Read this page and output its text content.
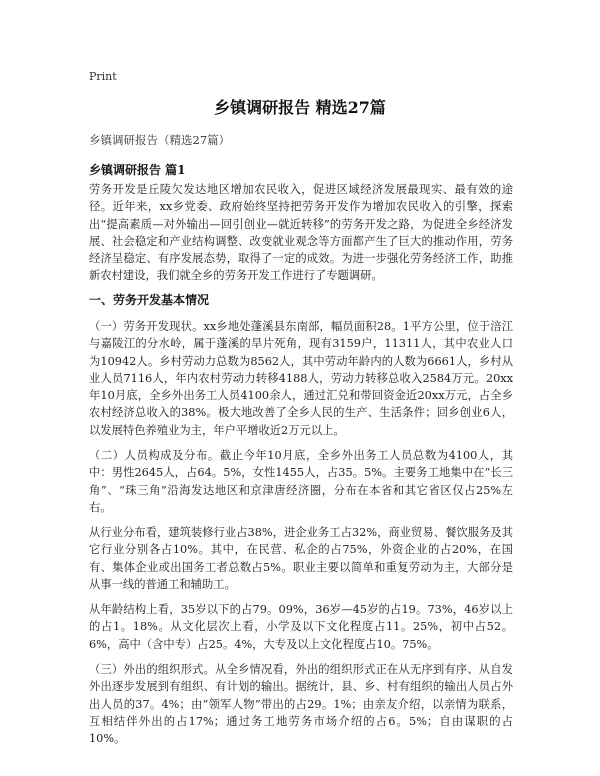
Print
乡镇调研报告 精选27篇
乡镇调研报告（精选27篇）
乡镇调研报告 篇1

劳务开发是丘陵欠发达地区增加农民收入，促进区域经济发展最现实、最有效的途径。近年来，xx乡党委、政府始终坚持把劳务开发作为增加农民收入的引擎，探索出“提高素质—对外输出—回引创业—就近转移”的劳务开发之路，为促进全乡经济发展、社会稳定和产业结构调整、改变就业观念等方面都产生了巨大的推动作用，劳务经济呈稳定、有序发展态势，取得了一定的成效。为进一步强化劳务经济工作，助推新农村建设，我们就全乡的劳务开发工作进行了专题调研。

一、劳务开发基本情况

（一）劳务开发现状。xx乡地处蓬溪县东南部，幅员面积28。1平方公里，位于涪江与嘉陵江的分水岭，属于蓬溪的旱片死角，现有3159户，11311人，其中农业人口为10942人。乡村劳动力总数为8562人，其中劳动年龄内的人数为6661人，乡村从业人员7116人，年内农村劳动力转移4188人，劳动力转移总收入2584万元。20xx年10月底，全乡外出务工人员4100余人，通过汇兑和带回资金近20xx万元，占全乡农村经济总收入的38%。极大地改善了全乡人民的生产、生活条件；回乡创业6人，以发展特色养殖业为主，年户平增收近2万元以上。

（二）人员构成及分布。截止今年10月底，全乡外出务工人员总数为4100人，其中：男性2645人，占64。5%，女性1455人，占35。5%。主要务工地集中在“长三角”、“珠三角”沿海发达地区和京津唐经济圈，分布在本省和其它省区仅占25%左右。

从行业分布看，建筑装修行业占38%，进企业务工占32%，商业贸易、餐饮服务及其它行业分别各占10%。其中，在民营、私企的占75%，外资企业的占20%，在国有、集体企业或出国务工者总数占5%。职业主要以简单和重复劳动为主，大部分是从事一线的普通工和辅助工。

从年龄结构上看，35岁以下的占79。09%，36岁—45岁的占19。73%，46岁以上的占1。18%。从文化层次上看，小学及以下文化程度占11。25%，初中占52。6%，高中（含中专）占25。4%，大专及以上文化程度占10。75%。

（三）外出的组织形式。从全乡情况看，外出的组织形式正在从无序到有序、从自发外出逐步发展到有组织、有计划的输出。据统计，县、乡、村有组织的输出人员占外出人员的37。4%；由“领军人物”带出的占29。1%；由亲友介绍，以亲情为联系，互相结伴外出的占17%；通过务工地劳务市场介绍的占6。5%；自由谋职的占10%。
